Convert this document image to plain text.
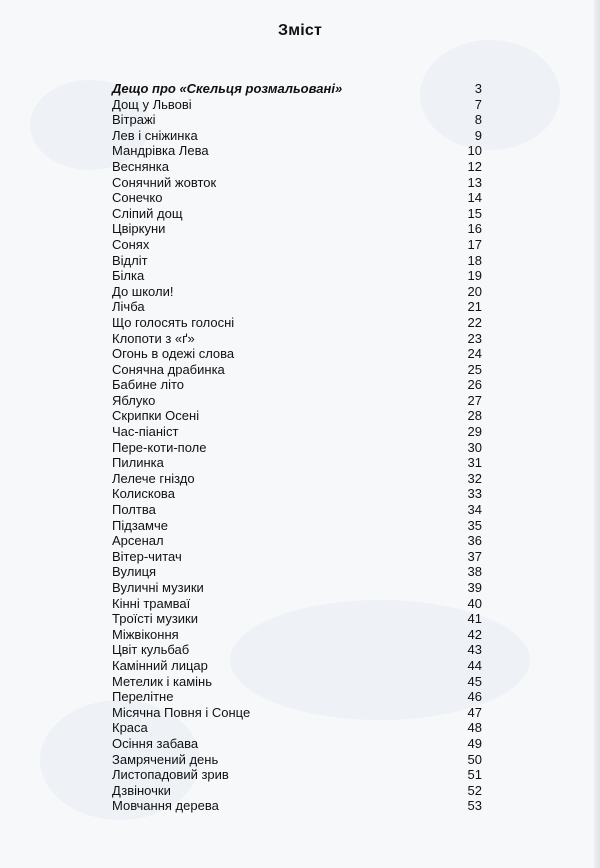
Зміст
Дещо про «Скельця розмальовані»	3
Дощ у Львові	7
Вітражі	8
Лев і сніжинка	9
Мандрівка Лева	10
Веснянка	12
Сонячний жовток	13
Сонечко	14
Сліпий дощ	15
Цвіркуни	16
Сонях	17
Відліт	18
Білка	19
До школи!	20
Лічба	21
Що голосять голосні	22
Клопоти з «ґ»	23
Огонь в одежі слова	24
Сонячна драбинка	25
Бабине літо	26
Яблуко	27
Скрипки Осені	28
Час-піаніст	29
Пере-коти-поле	30
Пилинка	31
Лелече гніздо	32
Колискова	33
Полтва	34
Підзамче	35
Арсенал	36
Вітер-читач	37
Вулиця	38
Вуличні музики	39
Кінні трамваї	40
Троїсті музики	41
Міжвіконня	42
Цвіт кульбаб	43
Камінний лицар	44
Метелик і камінь	45
Перелітне	46
Місячна Повня і Сонце	47
Краса	48
Осіння забава	49
Замрячений день	50
Листопадовий зрив	51
Дзвіночки	52
Мовчання дерева	53
